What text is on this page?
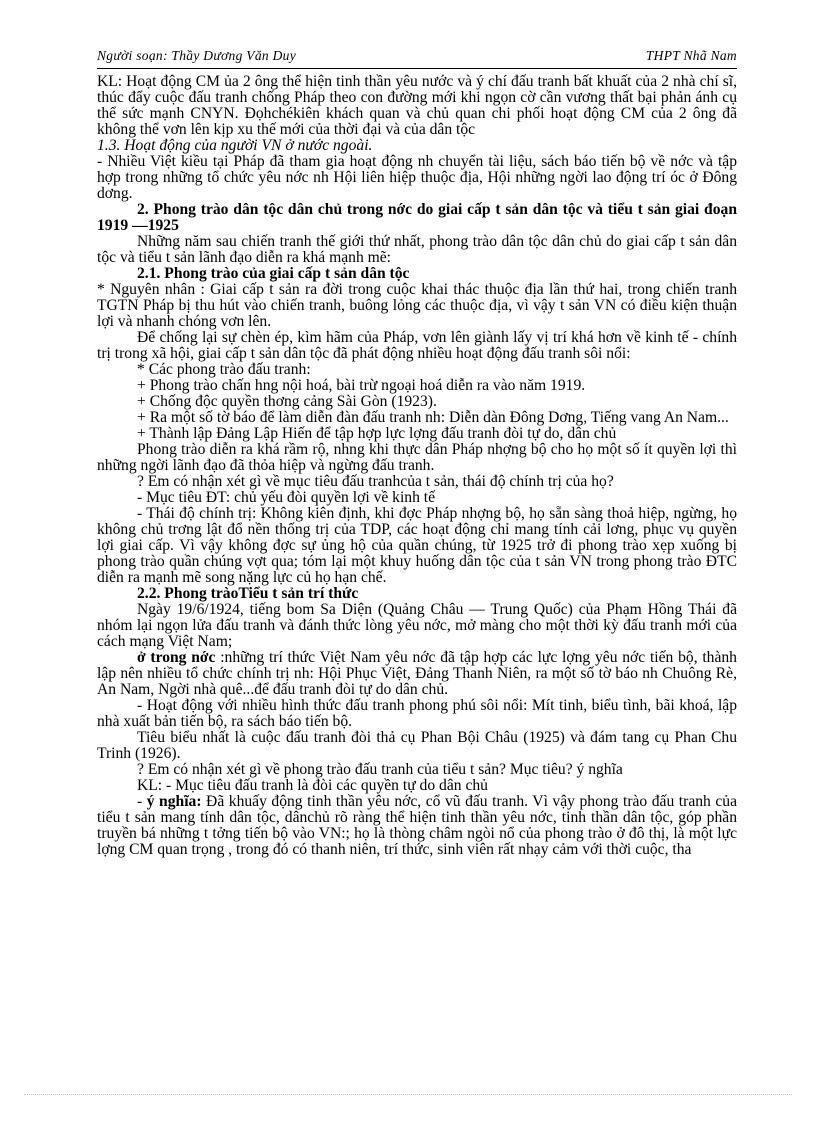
Người soạn: Thầy Dương Văn Duy	THPT Nhã Nam

KL: Hoạt động CM ủa 2 ông thể hiện tinh thần yêu nước và ý chí đấu tranh bất khuất của 2 nhà chí sĩ, thúc đẩy cuộc đấu tranh chống Pháp theo con đường mới khi ngọn cờ cần vương thất bại phản ánh cụ thể sức mạnh CNYN. Đọhchékiên khách quan và chủ quan chi phối hoạt động CM của 2 ông đã không thể vơn lên kịp xu thế mới của thời đại và của dân tộc

1.3. Hoạt động của người VN ở nước ngoài.

- Nhiều Việt kiều tại Pháp đã tham gia hoạt động nh chuyển tài liệu, sách báo tiến bộ về nớc và tập hợp trong những tổ chức yêu nớc nh Hội liên hiệp thuộc địa, Hội những ngời lao động trí óc ở Đông dơng.

2. Phong trào dân tộc dân chủ trong nớc do giai cấp t sản dân tộc và tiểu t sản giai đoạn 1919 —1925

Những năm sau chiến tranh thế giới thứ nhất, phong trào dân tộc dân chủ do giai cấp t sản dân tộc và tiểu t sản lãnh đạo diễn ra khá mạnh mẽ:

2.1. Phong trào của giai cấp t sản dân tộc

* Nguyên nhân : Giai cấp t sản ra đời trong cuộc khai thác thuộc địa lần thứ hai, trong chiến tranh TGTN Pháp bị thu hút vào chiến tranh, buông lỏng các thuộc địa, vì vậy t sản VN có điều kiện thuận lợi và nhanh chóng vơn lên.

Để chống lại sự chèn ép, kìm hãm của Pháp, vơn lên giành lấy vị trí khá hơn về kinh tế - chính trị trong xã hội, giai cấp t sản dân tộc đã phát động nhiều hoạt động đấu tranh sôi nổi:

* Các phong trào đấu tranh:

+ Phong trào chấn hng nội hoá, bài trừ ngoại hoá diễn ra vào năm 1919.

+ Chống độc quyền thơng cảng Sài Gòn (1923).

+ Ra một số tờ báo để làm diễn đàn đấu tranh nh: Diễn dàn Đông Dơng, Tiếng vang An Nam...

+ Thành lập Đảng Lập Hiến để tập hợp lực lợng đấu tranh đòi tự do, dân chủ

Phong trào diễn ra khá rầm rộ, nhng khi thực dân Pháp nhợng bộ cho họ một số ít quyền lợi thì những ngời lãnh đạo đã thỏa hiệp và ngừng đấu tranh.

? Em có nhận xét gì về mục tiêu đấu tranhcủa t sản, thái độ chính trị của họ?

- Mục tiêu ĐT: chủ yếu đòi quyền lợi về kinh tế

- Thái độ chính trị: Không kiên định, khi đợc Pháp nhợng bộ, họ sẵn sàng thoả hiệp, ngừng, họ không chủ trơng lật đổ nền thống trị của TDP, các hoạt động chỉ mang tính cải lơng, phục vụ quyền lợi giai cấp. Vì vậy không đợc sự ủng hộ của quần chúng, từ 1925 trở đi phong trào xẹp xuống bị phong trào quần chúng vợt qua; tóm lại một khuy huống dân tộc của t sản VN trong phong trào ĐTC diễn ra mạnh mẽ song nặng lực củ họ hạn chế.

2.2. Phong tràoTiểu t sản trí thức

Ngày 19/6/1924, tiếng bom Sa Diện (Quảng Châu — Trung Quốc) của Phạm Hồng Thái đã nhóm lại ngọn lửa đấu tranh và đánh thức lòng yêu nớc, mở màng cho một thời kỳ đấu tranh mới của cách mạng Việt Nam;

ở trong nớc :những trí thức Việt Nam yêu nớc đã tập hợp các lực lợng yêu nớc tiến bộ, thành lập nên nhiều tổ chức chính trị nh: Hội Phục Việt, Đảng Thanh Niên, ra một số tờ báo nh Chuông Rè, An Nam, Ngời nhà quê...để đấu tranh đòi tự do dân chủ.

- Hoạt động với nhiều hình thức đấu tranh phong phú sôi nổi: Mít tinh, biểu tình, bãi khoá, lập nhà xuất bản tiến bộ, ra sách báo tiến bộ.

Tiêu biểu nhất là cuộc đấu tranh đòi thả cụ Phan Bội Châu (1925) và đám tang cụ Phan Chu Trinh (1926).

? Em có nhận xét gì về phong trào đấu tranh của tiểu t sản? Mục tiêu? ý nghĩa

KL: - Mục tiêu đấu tranh là đòi các quyền tự do dân chủ

- ý nghĩa: Đã khuấy động tinh thần yêu nớc, cổ vũ đấu tranh. Vì vậy phong trào đấu tranh của tiểu t sản mang tính dân tộc, dânchủ rõ ràng thể hiện tinh thần yêu nớc, tinh thần dân tộc, góp phần truyền bá những t tởng tiến bộ vào VN:; họ là thòng châm ngòi nổ của phong trào ở đô thị, là một lực lợng CM quan trọng , trong đó có thanh niên, trí thức, sinh viên rất nhạy cảm với thời cuộc, tha
